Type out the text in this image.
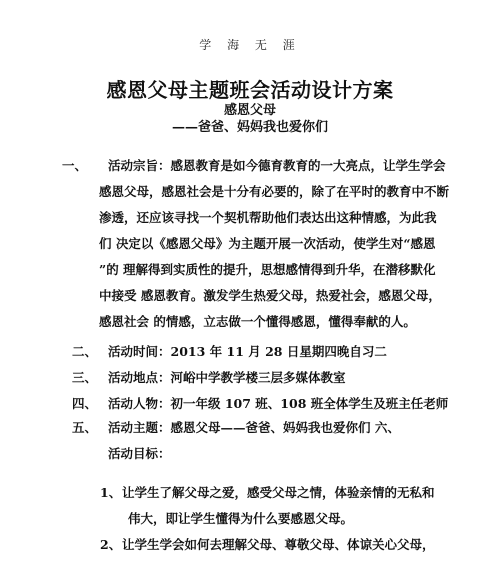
学 海 无 涯
感恩父母主题班会活动设计方案
感恩父母
——爸爸、妈妈我也爱你们
一、 活动宗旨：感恩教育是如今德育教育的一大亮点，让学生学会
感恩父母，感恩社会是十分有必要的，除了在平时的教育中不断
渗透，还应该寻找一个契机帮助他们表达出这种情感，为此我
们 决定以《感恩父母》为主题开展一次活动，使学生对“感恩
”的 理解得到实质性的提升，思想感情得到升华，在潜移默化
中接受 感恩教育。激发学生热爱父母，热爱社会，感恩父母，
感恩社会 的情感，立志做一个懂得感恩，懂得奉献的人。
二、 活动时间：2013 年 11 月 28 日星期四晚自习二
三、 活动地点：河峪中学教学楼三层多媒体教室
四、 活动人物：初一年级 107 班、108 班全体学生及班主任老师
五、 活动主题：感恩父母——爸爸、妈妈我也爱你们 六、
活动目标：
1、 让学生了解父母之爱，感受父母之情，体验亲情的无私和
伟大，即让学生懂得为什么要感恩父母。
2、 让学生学会如何去理解父母、尊敬父母、体谅关心父母，
